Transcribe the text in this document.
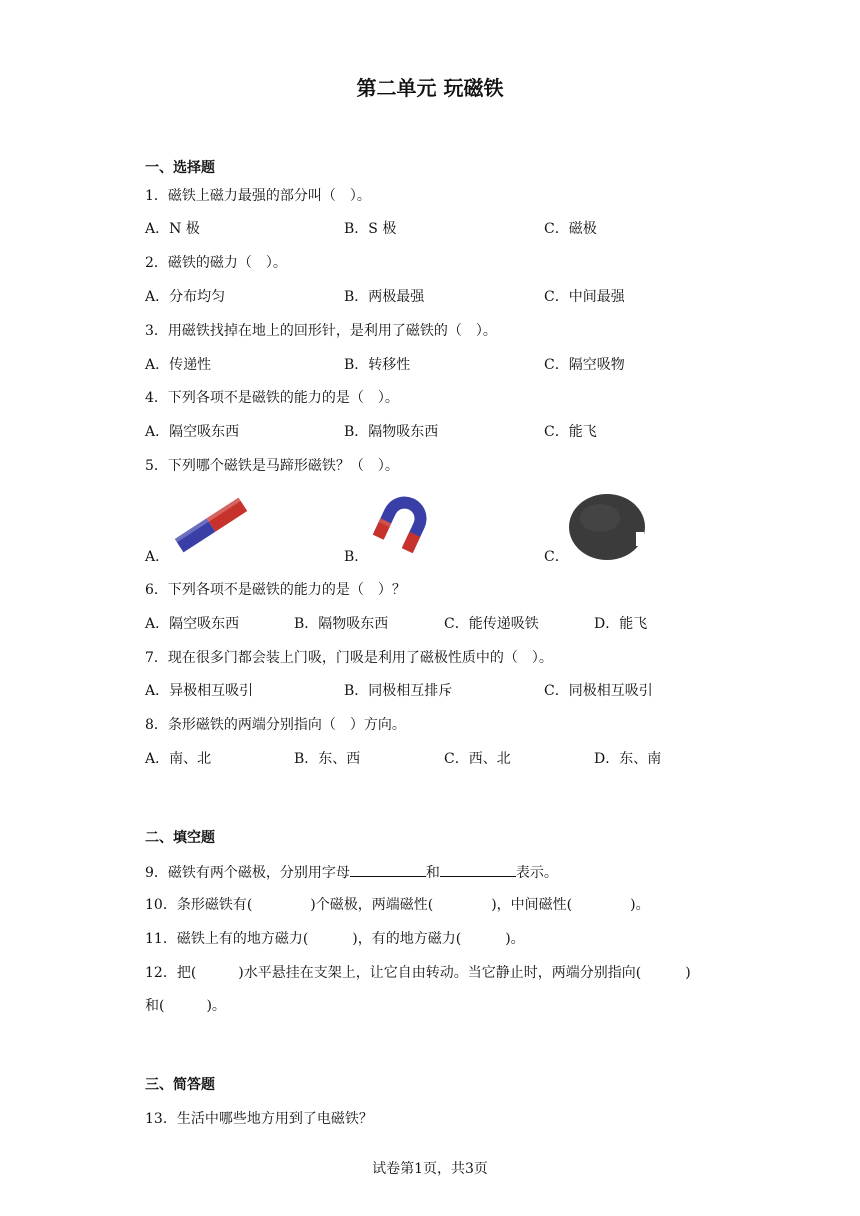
第二单元 玩磁铁
一、选择题
1．磁铁上磁力最强的部分叫（　）。
A．N 极	B．S 极	C．磁极
2．磁铁的磁力（　）。
A．分布均匀	B．两极最强	C．中间最强
3．用磁铁找掉在地上的回形针，是利用了磁铁的（　）。
A．传递性	B．转移性	C．隔空吸物
4．下列各项不是磁铁的能力的是（　）。
A．隔空吸东西	B．隔物吸东西	C．能飞
5．下列哪个磁铁是马蹄形磁铁？（　）。
A．	B．	C．
6．下列各项不是磁铁的能力的是（　）？
A．隔空吸东西	B．隔物吸东西	C．能传递吸铁	D．能飞
7．现在很多门都会装上门吸，门吸是利用了磁极性质中的（　）。
A．异极相互吸引	B．同极相互排斥	C．同极相互吸引
8．条形磁铁的两端分别指向（　）方向。
A．南、北	B．东、西	C．西、北	D．东、南
二、填空题
9．磁铁有两个磁极，分别用字母	和	表示。
10．条形磁铁有(	)个磁极，两端磁性(	)，中间磁性(	)。
11．磁铁上有的地方磁力(	)，有的地方磁力(	)。
12．把(	)水平悬挂在支架上，让它自由转动。当它静止时，两端分别指向(	)
和(	)。
三、简答题
13．生活中哪些地方用到了电磁铁？
试卷第1页，共3页
